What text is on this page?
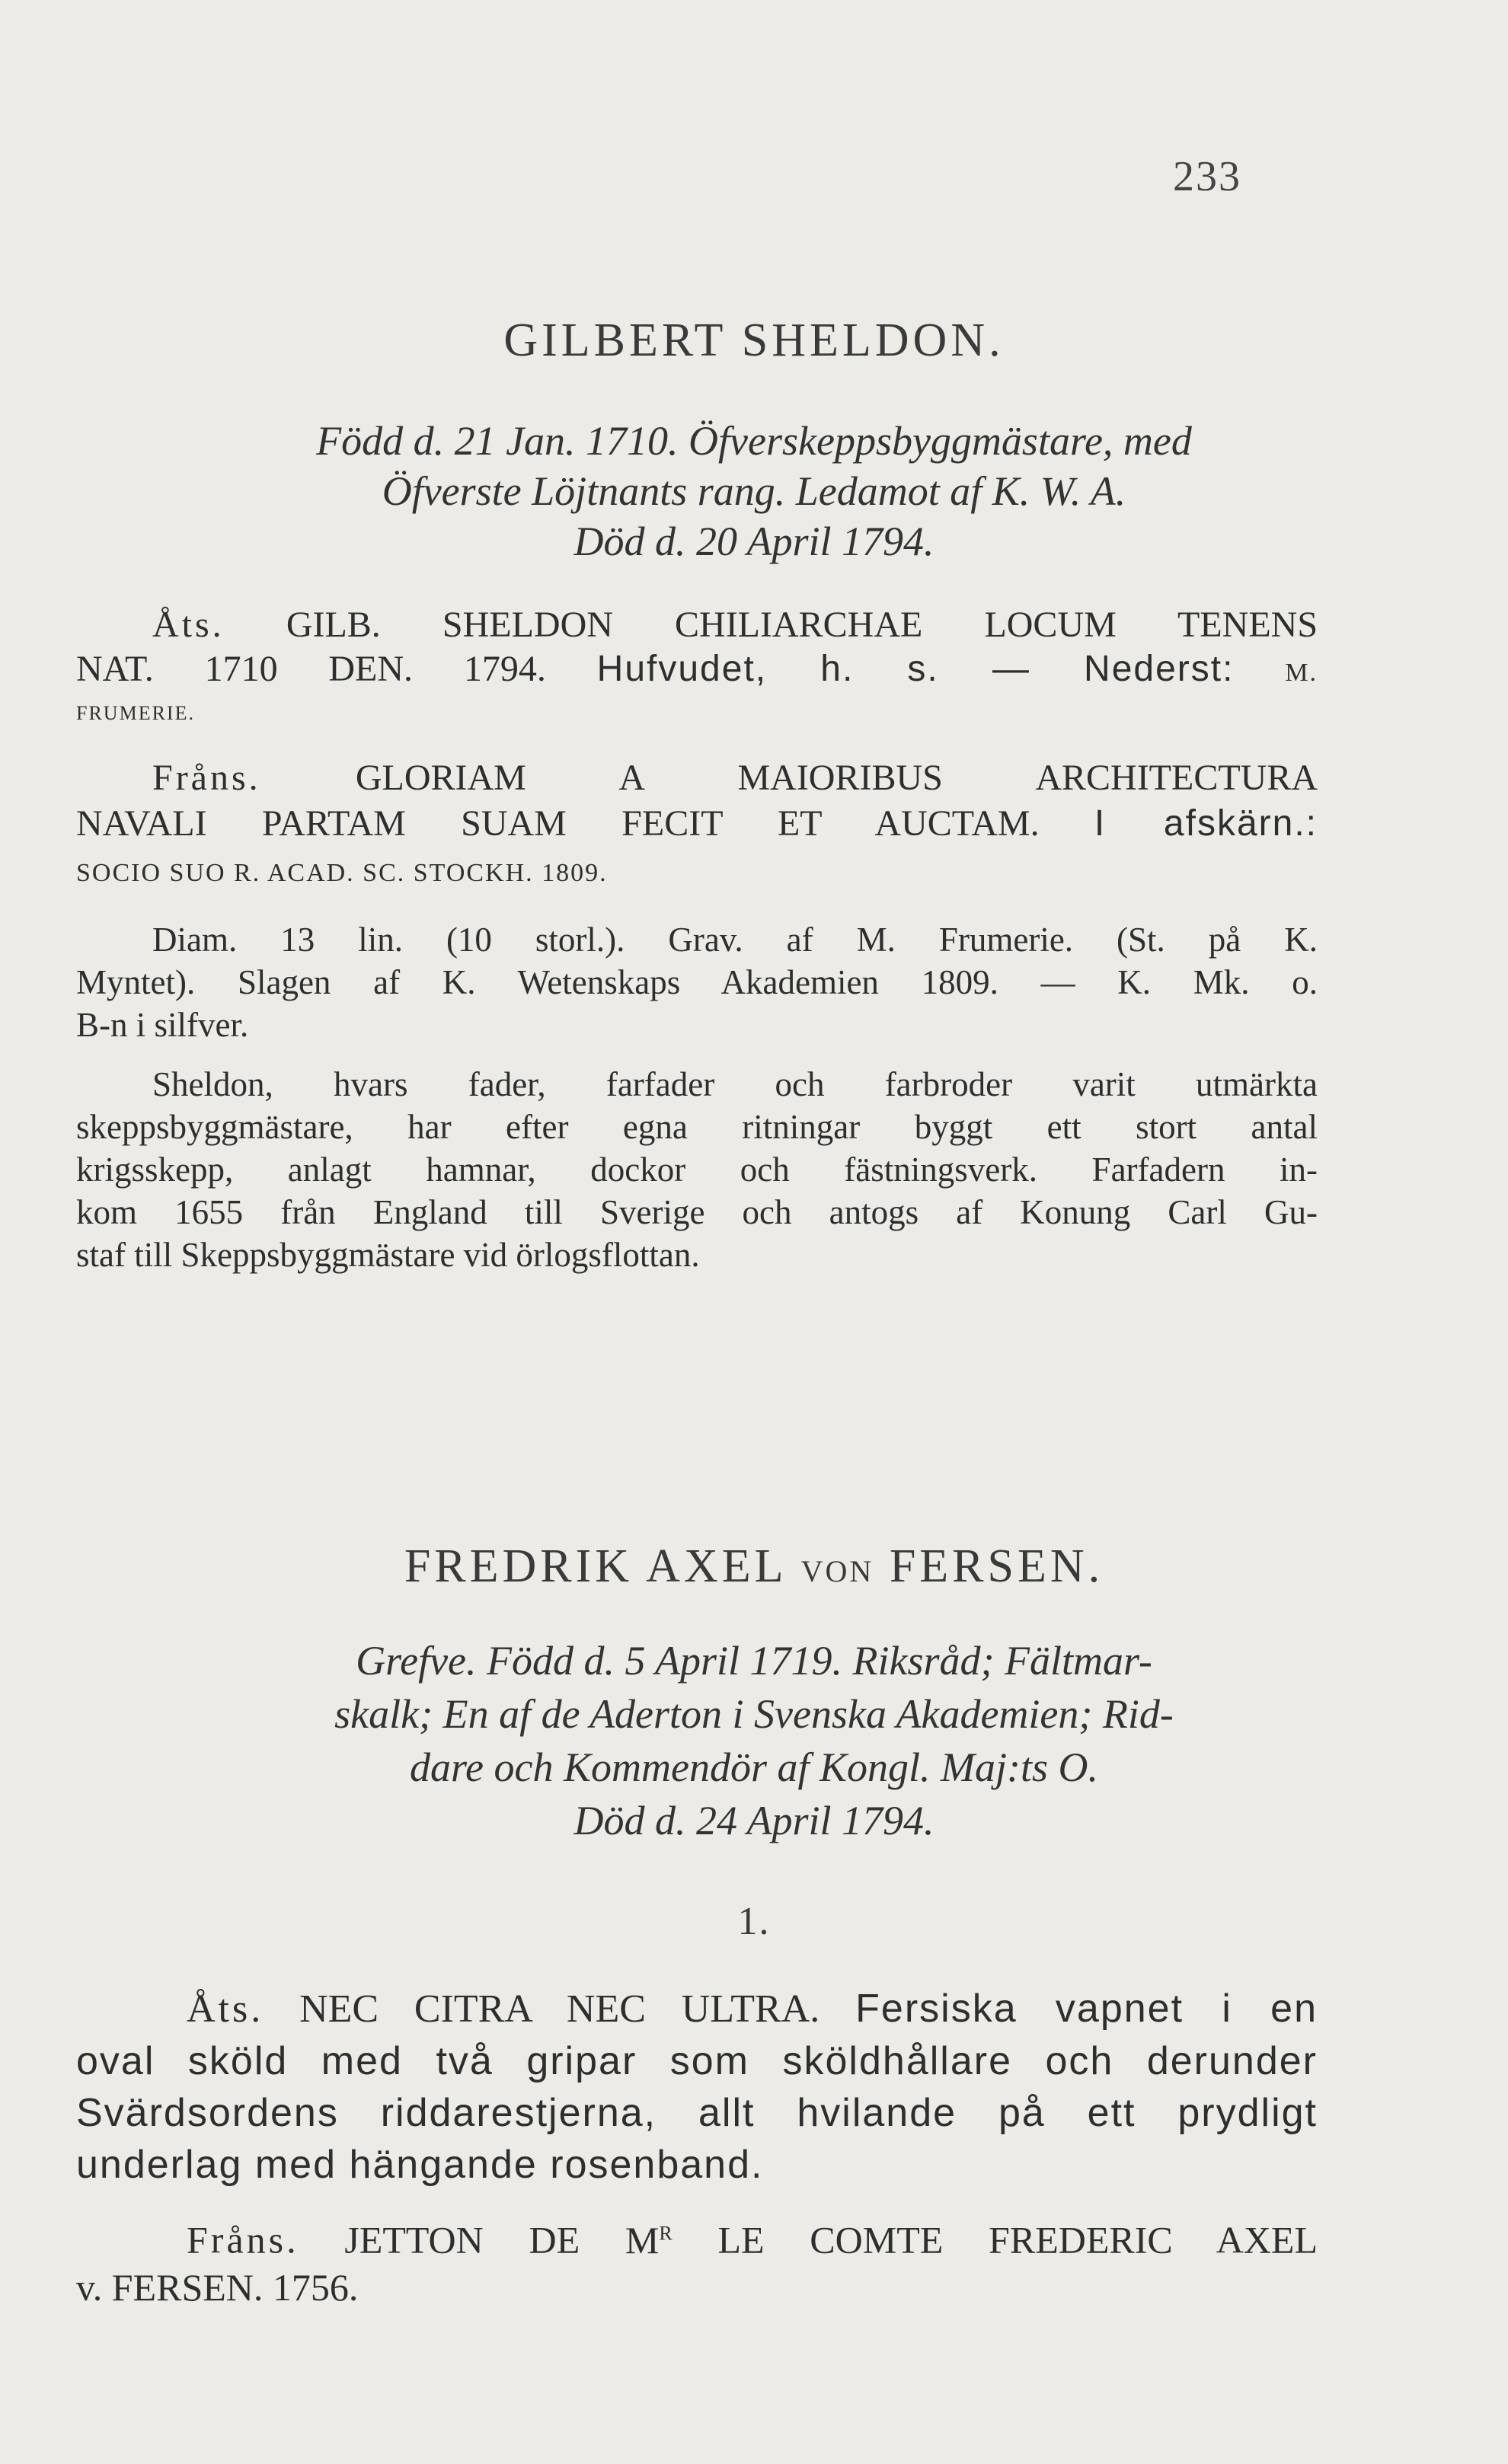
233
GILBERT SHELDON.
Född d. 21 Jan. 1710. Öfverskeppsbyggmästare, med
Öfverste Löjtnants rang. Ledamot af K. W. A.
Död d. 20 April 1794.
Åts. GILB. SHELDON CHILIARCHAE LOCUM TENENS
NAT. 1710 DEN. 1794. Hufvudet, h. s. — Nederst: M.
FRUMERIE.
Fråns.	GLORIAM A MAIORIBUS ARCHITECTURA
NAVALI PARTAM SUAM FECIT ET AUCTAM. I afskärn.:
SOCIO SUO R. ACAD. SC. STOCKH. 1809.
Diam. 13 lin. (10 storl.). Grav. af M. Frumerie. (St. på K.
Myntet). Slagen af K. Wetenskaps Akademien 1809. — K. Mk. o.
B-n i silfver.
Sheldon, hvars fader, farfader och farbroder varit utmärkta
skeppsbyggmästare, har efter egna ritningar byggt ett stort antal
krigsskepp, anlagt hamnar, dockor och fästningsverk. Farfadern in-
kom 1655 från England till Sverige och antogs af Konung Carl Gu-
staf till Skeppsbyggmästare vid örlogsflottan.
FREDRIK AXEL VON FERSEN.
Grefve. Född d. 5 April 1719. Riksråd; Fältmar-
skalk; En af de Aderton i Svenska Akademien; Rid-
dare och Kommendör af Kongl. Maj:ts O.
Död d. 24 April 1794.
1.
Åts. NEC CITRA NEC ULTRA. Fersiska vapnet i en
oval sköld med två gripar som sköldhållare och derunder
Svärdsordens riddarestjerna, allt hvilande på ett prydligt
underlag med hängande rosenband.
Fråns. JETTON DE $M^R$ LE COMTE FREDERIC AXEL
v. FERSEN. 1756.
